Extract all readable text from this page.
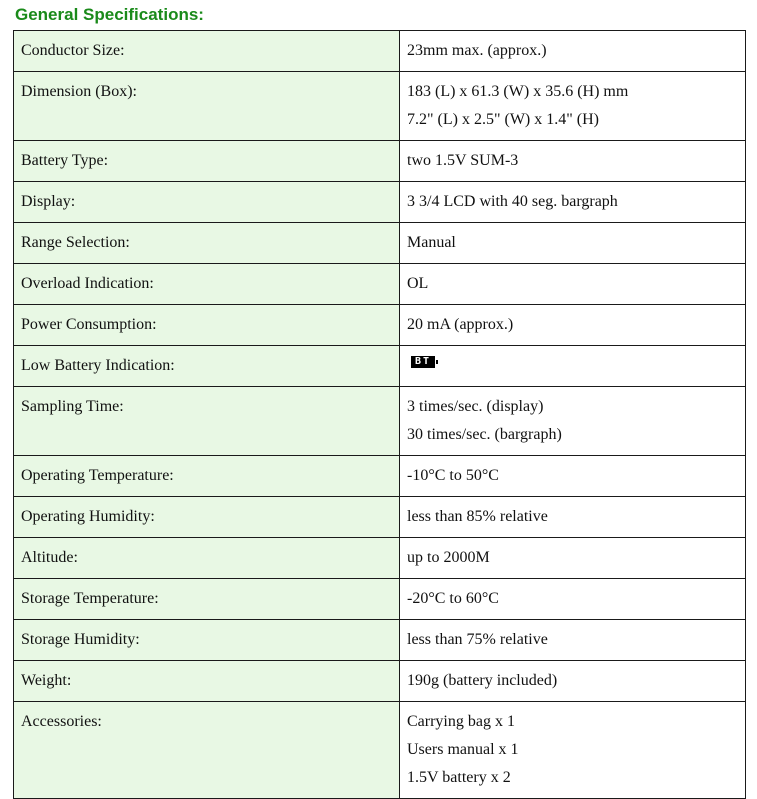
General Specifications:
Conductor Size:	23mm max. (approx.)

Dimension (Box):	183 (L) x 61.3 (W) x 35.6 (H) mm
7.2" (L) x 2.5" (W) x 1.4" (H)

Battery Type:	two 1.5V SUM-3

Display:	3 3/4 LCD with 40 seg. bargraph

Range Selection:	Manual

Overload Indication:	OL

Power Consumption:	20 mA (approx.)

Low Battery Indication:	BT
Sampling Time:	3 times/sec. (display)
30 times/sec. (bargraph)

Operating Temperature:	-10°C to 50°C

Operating Humidity:	less than 85% relative

Altitude:	up to 2000M

Storage Temperature:	-20°C to 60°C

Storage Humidity:	less than 75% relative

Weight:	190g (battery included)

Accessories:	Carrying bag x 1
Users manual x 1
1.5V battery x 2
